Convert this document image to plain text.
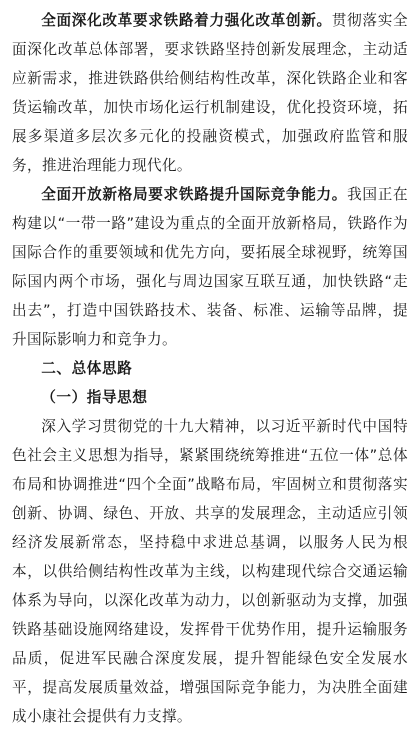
全面深化改革要求铁路着力强化改革创新。贯彻落实全面深化改革总体部署，要求铁路坚持创新发展理念，主动适应新需求，推进铁路供给侧结构性改革，深化铁路企业和客货运输改革，加快市场化运行机制建设，优化投资环境，拓展多渠道多层次多元化的投融资模式，加强政府监管和服务，推进治理能力现代化。

全面开放新格局要求铁路提升国际竞争能力。我国正在构建以“一带一路”建设为重点的全面开放新格局，铁路作为国际合作的重要领域和优先方向，要拓展全球视野，统筹国际国内两个市场，强化与周边国家互联互通，加快铁路“走出去”，打造中国铁路技术、装备、标准、运输等品牌，提升国际影响力和竞争力。

二、总体思路
（一）指导思想

深入学习贯彻党的十九大精神，以习近平新时代中国特色社会主义思想为指导，紧紧围绕统筹推进“五位一体”总体布局和协调推进“四个全面”战略布局，牢固树立和贯彻落实创新、协调、绿色、开放、共享的发展理念，主动适应引领经济发展新常态，坚持稳中求进总基调，以服务人民为根本，以供给侧结构性改革为主线，以构建现代综合交通运输体系为导向，以深化改革为动力，以创新驱动为支撑，加强铁路基础设施网络建设，发挥骨干优势作用，提升运输服务品质，促进军民融合深度发展，提升智能绿色安全发展水平，提高发展质量效益，增强国际竞争能力，为决胜全面建成小康社会提供有力支撑。
